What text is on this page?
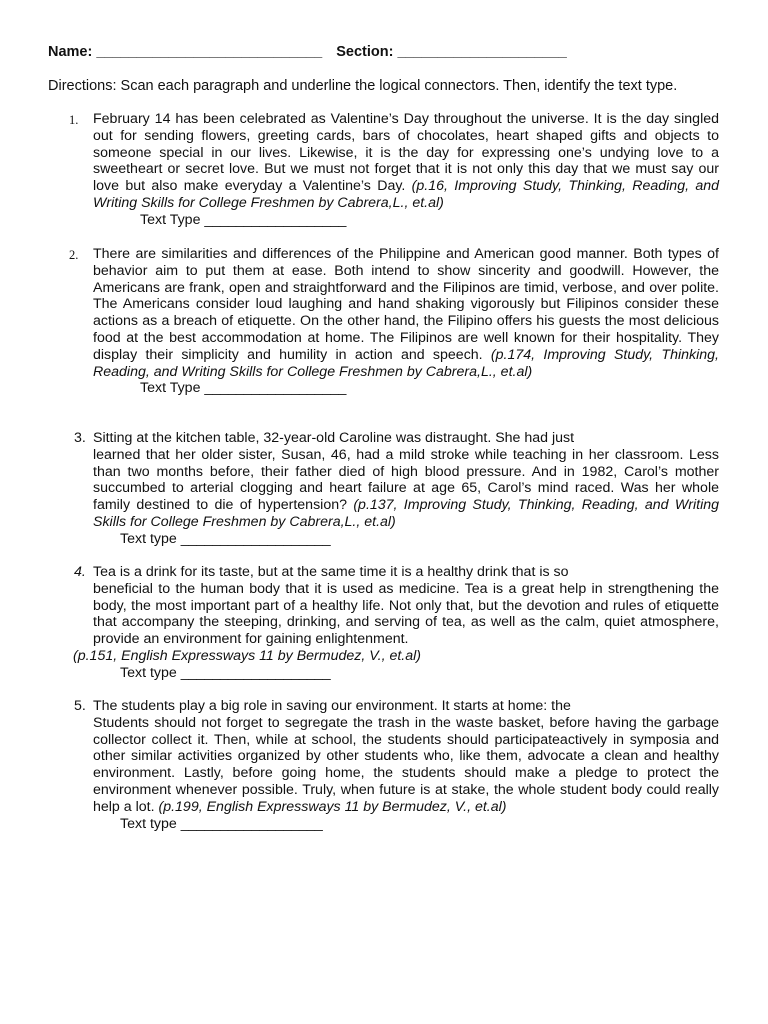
Name: ____________________________ Section: _____________________
Directions: Scan each paragraph and underline the logical connectors. Then, identify the text type.
1. February 14 has been celebrated as Valentine’s Day throughout the universe. It is the day singled out for sending flowers, greeting cards, bars of chocolates, heart shaped gifts and objects to someone special in our lives. Likewise, it is the day for expressing one’s undying love to a sweetheart or secret love. But we must not forget that it is not only this day that we must say our love but also make everyday a Valentine’s Day. (p.16, Improving Study, Thinking, Reading, and Writing Skills for College Freshmen by Cabrera,L., et.al)
Text Type __________________
2. There are similarities and differences of the Philippine and American good manner. Both types of behavior aim to put them at ease. Both intend to show sincerity and goodwill. However, the Americans are frank, open and straightforward and the Filipinos are timid, verbose, and over polite. The Americans consider loud laughing and hand shaking vigorously but Filipinos consider these actions as a breach of etiquette. On the other hand, the Filipino offers his guests the most delicious food at the best accommodation at home. The Filipinos are well known for their hospitality. They display their simplicity and humility in action and speech. (p.174, Improving Study, Thinking, Reading, and Writing Skills for College Freshmen by Cabrera,L., et.al)
Text Type __________________
3. Sitting at the kitchen table, 32-year-old Caroline was distraught. She had just
learned that her older sister, Susan, 46, had a mild stroke while teaching in her classroom. Less than two months before, their father died of high blood pressure. And in 1982, Carol’s mother succumbed to arterial clogging and heart failure at age 65, Carol’s mind raced. Was her whole family destined to die of hypertension? (p.137, Improving Study, Thinking, Reading, and Writing Skills for College Freshmen by Cabrera,L., et.al)
Text type ___________________
4. Tea is a drink for its taste, but at the same time it is a healthy drink that is so
beneficial to the human body that it is used as medicine. Tea is a great help in strengthening the body, the most important part of a healthy life. Not only that, but the devotion and rules of etiquette that accompany the steeping, drinking, and serving of tea, as well as the calm, quiet atmosphere, provide an environment for gaining enlightenment.
(p.151, English Expressways 11 by Bermudez, V., et.al)
Text type ___________________
5. The students play a big role in saving our environment. It starts at home: the
Students should not forget to segregate the trash in the waste basket, before having the garbage collector collect it. Then, while at school, the students should participateactively in symposia and other similar activities organized by other students who, like them, advocate a clean and healthy environment. Lastly, before going home, the students should make a pledge to protect the environment whenever possible. Truly, when future is at stake, the whole student body could really help a lot. (p.199, English Expressways 11 by Bermudez, V., et.al)
Text type __________________
